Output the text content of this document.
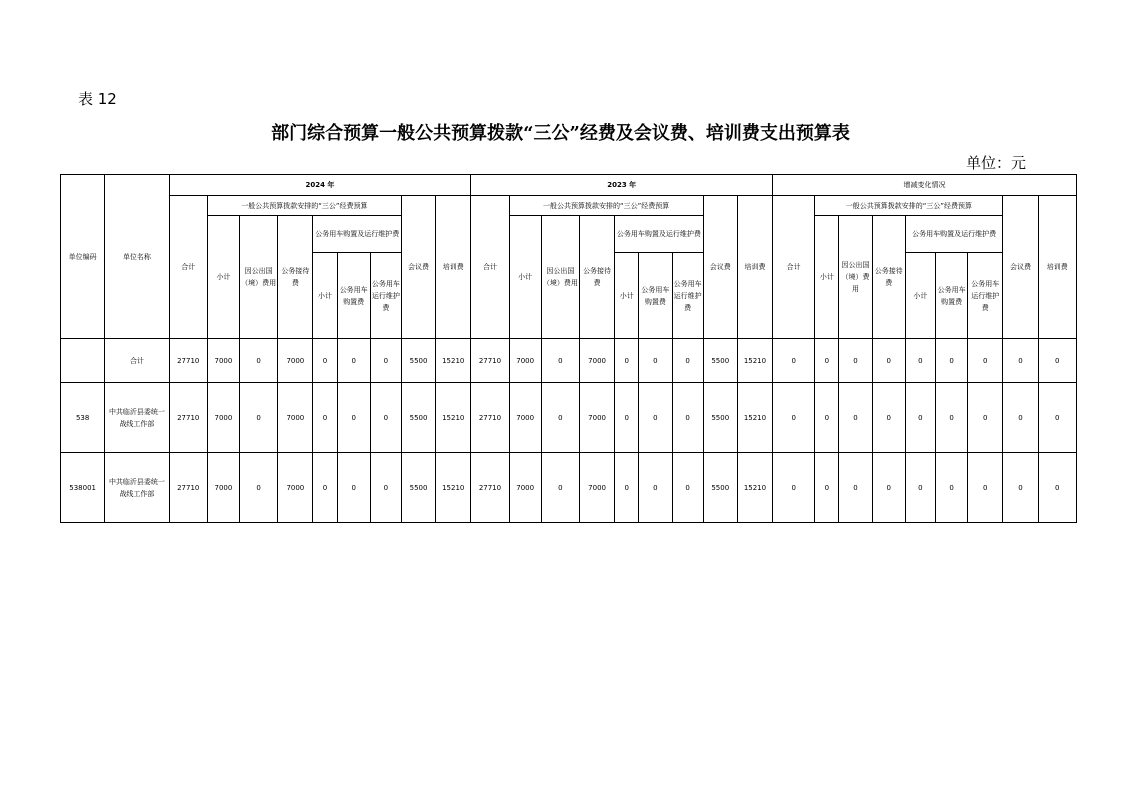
表 12
部门综合预算一般公共预算拨款“三公”经费及会议费、培训费支出预算表
单位：元
单位编码	单位名称	2024 年									2023 年									增减变化情况								
		合计	一般公共预算拨款安排的“三公”经费预算						会议费	培训费	合计	一般公共预算拨款安排的“三公”经费预算						会议费	培训费	合计	一般公共预算拨款安排的“三公”经费预算						会议费	培训费
			小计	因公出国（境）费用	公务接待费	公务用车购置及运行维护费						小计	因公出国（境）费用	公务接待费	公务用车购置及运行维护费						小计	因公出国（境）费用	公务接待费	公务用车购置及运行维护费				
						小计	公务用车购置费	公务用车运行维护费							小计	公务用车购置费	公务用车运行维护费							小计	公务用车购置费	公务用车运行维护费		
	合计	27710	7000	0	7000	0	0	0	5500	15210	27710	7000	0	7000	0	0	0	5500	15210	0	0	0	0	0	0	0	0	0
538	中共临沂县委统一战线工作部	27710	7000	0	7000	0	0	0	5500	15210	27710	7000	0	7000	0	0	0	5500	15210	0	0	0	0	0	0	0	0	0
538001	中共临沂县委统一战线工作部	27710	7000	0	7000	0	0	0	5500	15210	27710	7000	0	7000	0	0	0	5500	15210	0	0	0	0	0	0	0	0	0
